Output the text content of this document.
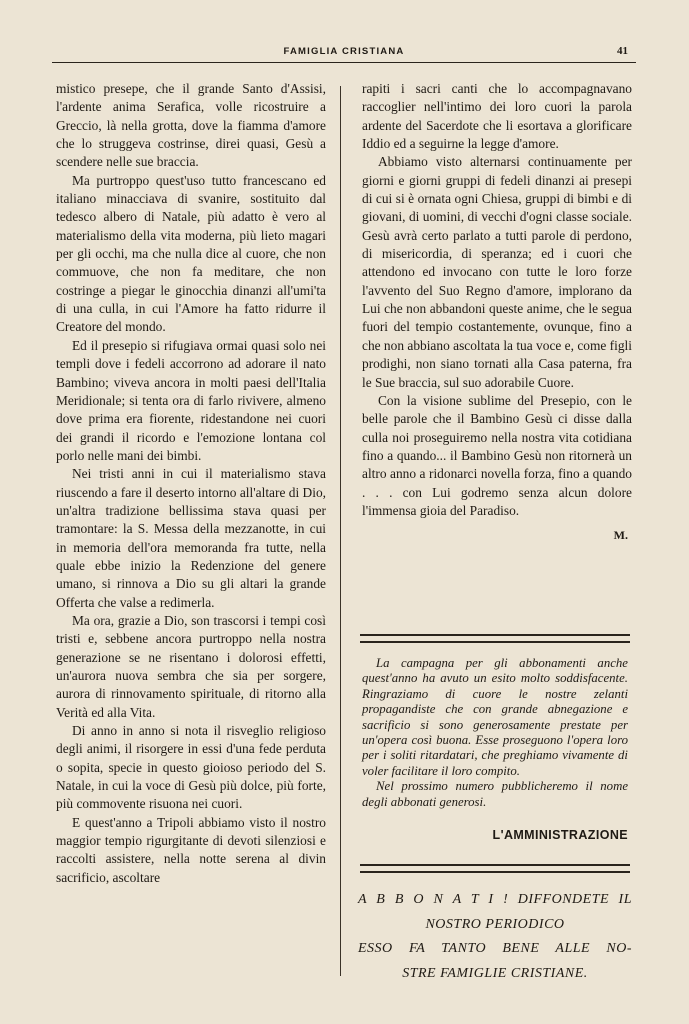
FAMIGLIA CRISTIANA	41

mistico presepe, che il grande Santo d'Assisi, l'ardente anima Serafica, volle ricostruire a Greccio, là nella grotta, dove la fiamma d'amore che lo struggeva costrinse, direi quasi, Gesù a scendere nelle sue braccia.

Ma purtroppo quest'uso tutto francescano ed italiano minacciava di svanire, sostituito dal tedesco albero di Natale, più adatto è vero al materialismo della vita moderna, più lieto magari per gli occhi, ma che nulla dice al cuore, che non commuove, che non fa meditare, che non costringe a piegar le ginocchia dinanzi all'umi'ta di una culla, in cui l'Amore ha fatto ridurre il Creatore del mondo.

Ed il presepio si rifugiava ormai quasi solo nei templi dove i fedeli accorrono ad adorare il nato Bambino; viveva ancora in molti paesi dell'Italia Meridionale; si tenta ora di farlo rivivere, almeno dove prima era fiorente, ridestandone nei cuori dei grandi il ricordo e l'emozione lontana col porlo nelle mani dei bimbi.

Nei tristi anni in cui il materialismo stava riuscendo a fare il deserto intorno all'altare di Dio, un'altra tradizione bellissima stava quasi per tramontare: la S. Messa della mezzanotte, in cui in memoria dell'ora memoranda fra tutte, nella quale ebbe inizio la Redenzione del genere umano, si rinnova a Dio su gli altari la grande Offerta che valse a redimerla.

Ma ora, grazie a Dio, son trascorsi i tempi così tristi e, sebbene ancora purtroppo nella nostra generazione se ne risentano i dolorosi effetti, un'aurora nuova sembra che sia per sorgere, aurora di rinnovamento spirituale, di ritorno alla Verità ed alla Vita.

Di anno in anno si nota il risveglio religioso degli animi, il risorgere in essi d'una fede perduta o sopita, specie in questo gioioso periodo del S. Natale, in cui la voce di Gesù più dolce, più forte, più commovente risuona nei cuori.

E quest'anno a Tripoli abbiamo visto il nostro maggior tempio rigurgitante di devoti silenziosi e raccolti assistere, nella notte serena al divin sacrificio, ascoltare

rapiti i sacri canti che lo accompagnavano raccoglier nell'intimo dei loro cuori la parola ardente del Sacerdote che li esortava a glorificare Iddio ed a seguirne la legge d'amore.

Abbiamo visto alternarsi continuamente per giorni e giorni gruppi di fedeli dinanzi ai presepi di cui si è ornata ogni Chiesa, gruppi di bimbi e di giovani, di uomini, di vecchi d'ogni classe sociale. Gesù avrà certo parlato a tutti parole di perdono, di misericordia, di speranza; ed i cuori che attendono ed invocano con tutte le loro forze l'avvento del Suo Regno d'amore, implorano da Lui che non abbandoni queste anime, che le segua fuori del tempio costantemente, ovunque, fino a che non abbiano ascoltata la tua voce e, come figli prodighi, non siano tornati alla Casa paterna, fra le Sue braccia, sul suo adorabile Cuore.

Con la visione sublime del Presepio, con le belle parole che il Bambino Gesù ci disse dalla culla noi proseguiremo nella nostra vita cotidiana fino a quando... il Bambino Gesù non ritornerà un altro anno a ridonarci novella forza, fino a quando . . . con Lui godremo senza alcun dolore l'immensa gioia del Paradiso.

M.

La campagna per gli abbonamenti anche quest'anno ha avuto un esito molto soddisfacente. Ringraziamo di cuore le nostre zelanti propagandiste che con grande abnegazione e sacrificio si sono generosamente prestate per un'opera così buona. Esse proseguono l'opera loro per i soliti ritardatari, che preghiamo vivamente di voler facilitare il loro compito.

Nel prossimo numero pubblicheremo il nome degli abbonati generosi.

L'AMMINISTRAZIONE
A B B O N A T I ! DIFFONDETE IL
NOSTRO PERIODICO
ESSO FA TANTO BENE ALLE NO-
STRE FAMIGLIE CRISTIANE.
